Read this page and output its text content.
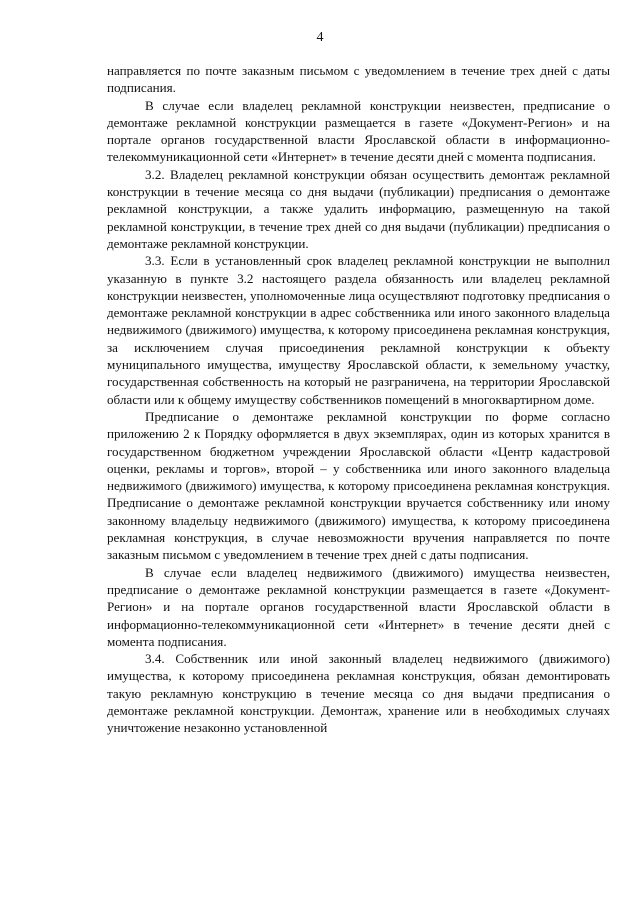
4

направляется по почте заказным письмом с уведомлением в течение трех дней с даты подписания.

В случае если владелец рекламной конструкции неизвестен, предписание о демонтаже рекламной конструкции размещается в газете «Документ-Регион» и на портале органов государственной власти Ярославской области в информационно-телекоммуникационной сети «Интернет» в течение десяти дней с момента подписания.

3.2. Владелец рекламной конструкции обязан осуществить демонтаж рекламной конструкции в течение месяца со дня выдачи (публикации) предписания о демонтаже рекламной конструкции, а также удалить информацию, размещенную на такой рекламной конструкции, в течение трех дней со дня выдачи (публикации) предписания о демонтаже рекламной конструкции.

3.3. Если в установленный срок владелец рекламной конструкции не выполнил указанную в пункте 3.2 настоящего раздела обязанность или владелец рекламной конструкции неизвестен, уполномоченные лица осуществляют подготовку предписания о демонтаже рекламной конструкции в адрес собственника или иного законного владельца недвижимого (движимого) имущества, к которому присоединена рекламная конструкция, за исключением случая присоединения рекламной конструкции к объекту муниципального имущества, имуществу Ярославской области, к земельному участку, государственная собственность на который не разграничена, на территории Ярославской области или к общему имуществу собственников помещений в многоквартирном доме.

Предписание о демонтаже рекламной конструкции по форме согласно приложению 2 к Порядку оформляется в двух экземплярах, один из которых хранится в государственном бюджетном учреждении Ярославской области «Центр кадастровой оценки, рекламы и торгов», второй – у собственника или иного законного владельца недвижимого (движимого) имущества, к которому присоединена рекламная конструкция. Предписание о демонтаже рекламной конструкции вручается собственнику или иному законному владельцу недвижимого (движимого) имущества, к которому присоединена рекламная конструкция, в случае невозможности вручения направляется по почте заказным письмом с уведомлением в течение трех дней с даты подписания.

В случае если владелец недвижимого (движимого) имущества неизвестен, предписание о демонтаже рекламной конструкции размещается в газете «Документ-Регион» и на портале органов государственной власти Ярославской области в информационно-телекоммуникационной сети «Интернет» в течение десяти дней с момента подписания.

3.4. Собственник или иной законный владелец недвижимого (движимого) имущества, к которому присоединена рекламная конструкция, обязан демонтировать такую рекламную конструкцию в течение месяца со дня выдачи предписания о демонтаже рекламной конструкции. Демонтаж, хранение или в необходимых случаях уничтожение незаконно установленной
